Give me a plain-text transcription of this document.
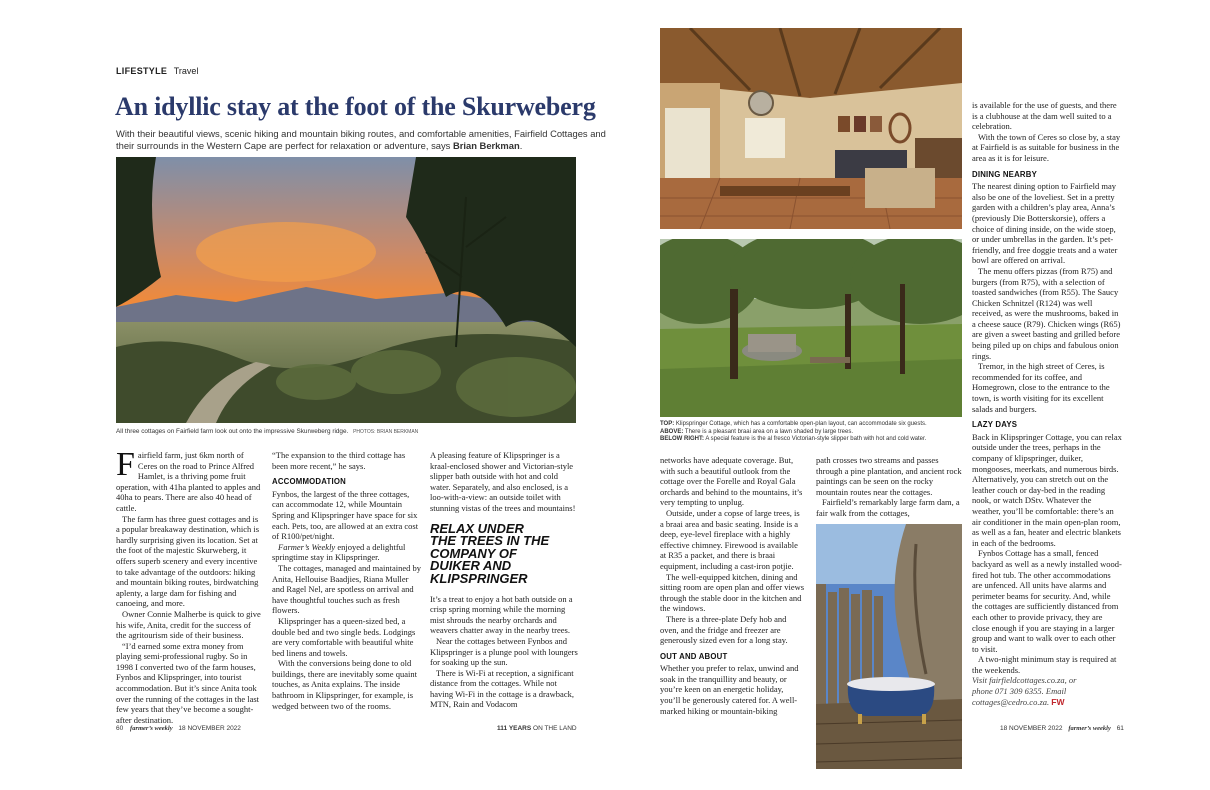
LIFESTYLE Travel
An idyllic stay at the foot of the Skurweberg
With their beautiful views, scenic hiking and mountain biking routes, and comfortable amenities, Fairfield Cottages and their surrounds in the Western Cape are perfect for relaxation or adventure, says Brian Berkman.
All three cottages on Fairfield farm look out onto the impressive Skurweberg ridge. PHOTOS: BRIAN BERKMAN

Fairfield farm, just 6km north of Ceres on the road to Prince Alfred Hamlet, is a thriving pome fruit operation, with 41ha planted to apples and 40ha to pears. There are also 40 head of cattle.

The farm has three guest cottages and is a popular breakaway destination, which is hardly surprising given its location. Set at the foot of the majestic Skurweberg, it offers superb scenery and every incentive to take advantage of the outdoors: hiking and mountain biking routes, birdwatching aplenty, a large dam for fishing and canoeing, and more.

Owner Connie Malherbe is quick to give his wife, Anita, credit for the success of the agritourism side of their business.

“I’d earned some extra money from playing semi-professional rugby. So in 1998 I converted two of the farm houses, Fynbos and Klipspringer, into tourist accommodation. But it’s since Anita took over the running of the cottages in the last few years that they’ve become a sought-after destination.

“The expansion to the third cottage has been more recent,” he says.

ACCOMMODATION

Fynbos, the largest of the three cottages, can accommodate 12, while Mountain Spring and Klipspringer have space for six each. Pets, too, are allowed at an extra cost of R100/pet/night.

Farmer’s Weekly enjoyed a delightful springtime stay in Klipspringer.

The cottages, managed and maintained by Anita, Hellouise Baadjies, Riana Muller and Ragel Nel, are spotless on arrival and have thoughtful touches such as fresh flowers.

Klipspringer has a queen-sized bed, a double bed and two single beds. Lodgings are very comfortable with beautiful white bed linens and towels.

With the conversions being done to old buildings, there are inevitably some quaint touches, as Anita explains. The inside bathroom in Klipspringer, for example, is wedged between two of the rooms.

A pleasing feature of Klipspringer is a kraal-enclosed shower and Victorian-style slipper bath outside with hot and cold water. Separately, and also enclosed, is a loo-with-a-view: an outside toilet with stunning vistas of the trees and mountains!

RELAX UNDER THE TREES IN THE COMPANY OF DUIKER AND KLIPSPRINGER

It’s a treat to enjoy a hot bath outside on a crisp spring morning while the morning mist shrouds the nearby orchards and weavers chatter away in the nearby trees.

Near the cottages between Fynbos and Klipspringer is a plunge pool with loungers for soaking up the sun.

There is Wi-Fi at reception, a significant distance from the cottages. While not having Wi-Fi in the cottage is a drawback, MTN, Rain and Vodacom

60 farmer’s weekly 18 NOVEMBER 2022	111 YEARS ON THE LAND
TOP: Klipspringer Cottage, which has a comfortable open-plan layout, can accommodate six guests.
ABOVE: There is a pleasant braai area on a lawn shaded by large trees.
BELOW RIGHT: A special feature is the al fresco Victorian-style slipper bath with hot and cold water.

networks have adequate coverage. But, with such a beautiful outlook from the cottage over the Forelle and Royal Gala orchards and behind to the mountains, it’s very tempting to unplug.

Outside, under a copse of large trees, is a braai area and basic seating. Inside is a deep, eye-level fireplace with a highly effective chimney. Firewood is available at R35 a packet, and there is braai equipment, including a cast-iron potjie.

The well-equipped kitchen, dining and sitting room are open plan and offer views through the stable door in the kitchen and the windows.

There is a three-plate Defy hob and oven, and the fridge and freezer are generously sized even for a long stay.

OUT AND ABOUT

Whether you prefer to relax, unwind and soak in the tranquillity and beauty, or you’re keen on an energetic holiday, you’ll be generously catered for. A well-marked hiking or mountain-biking

path crosses two streams and passes through a pine plantation, and ancient rock paintings can be seen on the rocky mountain routes near the cottages.

Fairfield’s remarkably large farm dam, a fair walk from the cottages,

is available for the use of guests, and there is a clubhouse at the dam well suited to a celebration.

With the town of Ceres so close by, a stay at Fairfield is as suitable for business in the area as it is for leisure.

DINING NEARBY

The nearest dining option to Fairfield may also be one of the loveliest. Set in a pretty garden with a children’s play area, Anna’s (previously Die Botterskorsie), offers a choice of dining inside, on the wide stoep, or under umbrellas in the garden. It’s pet-friendly, and free doggie treats and a water bowl are offered on arrival.

The menu offers pizzas (from R75) and burgers (from R75), with a selection of toasted sandwiches (from R55). The Saucy Chicken Schnitzel (R124) was well received, as were the mushrooms, baked in a cheese sauce (R79). Chicken wings (R65) are given a sweet basting and grilled before being piled up on chips and fabulous onion rings.

Tremor, in the high street of Ceres, is recommended for its coffee, and Homegrown, close to the entrance to the town, is worth visiting for its excellent salads and burgers.

LAZY DAYS

Back in Klipspringer Cottage, you can relax outside under the trees, perhaps in the company of klipspringer, duiker, mongooses, meerkats, and numerous birds. Alternatively, you can stretch out on the leather couch or day-bed in the reading nook, or watch DStv. Whatever the weather, you’ll be comfortable: there’s an air conditioner in the main open-plan room, as well as a fan, heater and electric blankets in each of the bedrooms.

Fynbos Cottage has a small, fenced backyard as well as a newly installed wood-fired hot tub. The other accommodations are unfenced. All units have alarms and perimeter beams for security. And, while the cottages are sufficiently distanced from each other to provide privacy, they are close enough if you are staying in a larger group and want to walk over to each other to visit.

A two-night minimum stay is required at the weekends.

Visit fairfieldcottages.co.za, or
phone 071 309 6355. Email
cottages@cedro.co.za. FW
18 NOVEMBER 2022 farmer’s weekly 61
